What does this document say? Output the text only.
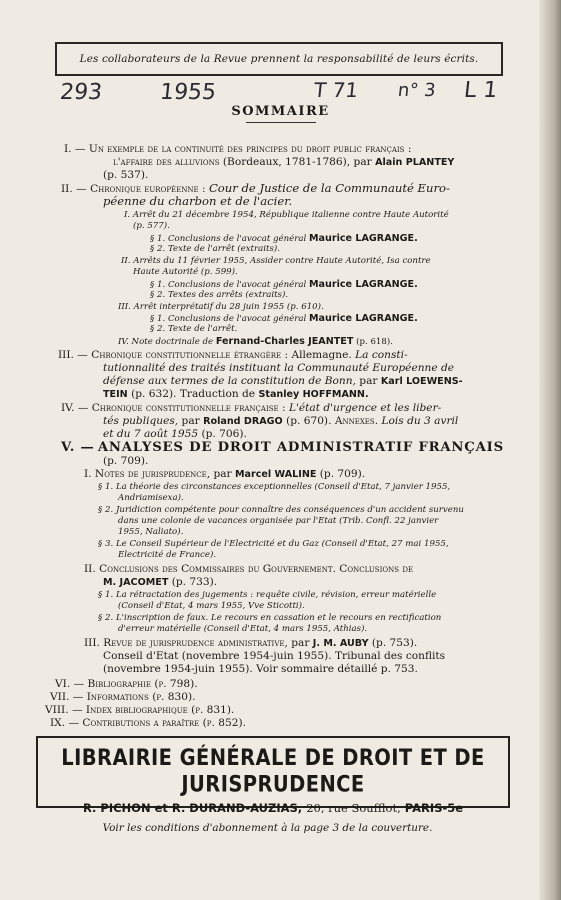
Les collaborateurs de la Revue prennent la responsabilité de leurs écrits.
293	1955	T 71 n° 3 L 1
SOMMAIRE
I. — Un exemple de la continuité des principes du droit public français :
l'affaire des alluvions (Bordeaux, 1781-1786), par Alain PLANTEY
(p. 537).
II. — Chronique européenne : Cour de Justice de la Communauté Euro-
péenne du charbon et de l'acier.
I. Arrêt du 21 décembre 1954, République italienne contre Haute Autorité
(p. 577).
§ 1. Conclusions de l'avocat général Maurice LAGRANGE.
§ 2. Texte de l'arrêt (extraits).
II. Arrêts du 11 février 1955, Assider contre Haute Autorité, Isa contre
Haute Autorité (p. 599).
§ 1. Conclusions de l'avocat général Maurice LAGRANGE.
§ 2. Textes des arrêts (extraits).
III. Arrêt interprétatif du 28 juin 1955 (p. 610).
§ 1. Conclusions de l'avocat général Maurice LAGRANGE.
§ 2. Texte de l'arrêt.
IV. Note doctrinale de Fernand-Charles JEANTET (p. 618).
III. — Chronique constitutionnelle étrangère : Allemagne. La consti-
tutionnalité des traités instituant la Communauté Européenne de
défense aux termes de la constitution de Bonn, par Karl LOEWENS-
TEIN (p. 632). Traduction de Stanley HOFFMANN.
IV. — Chronique constitutionnelle française : L'état d'urgence et les liber-
tés publiques, par Roland DRAGO (p. 670). Annexes. Lois du 3 avril
et du 7 août 1955 (p. 706).
V. — ANALYSES DE DROIT ADMINISTRATIF FRANÇAIS
(p. 709).
I. Notes de jurisprudence, par Marcel WALINE (p. 709).
§ 1. La théorie des circonstances exceptionnelles (Conseil d'Etat, 7 janvier 1955,
Andriamisexa).
§ 2. Juridiction compétente pour connaître des conséquences d'un accident survenu
dans une colonie de vacances organisée par l'Etat (Trib. Confl. 22 janvier
1955, Naliato).
§ 3. Le Conseil Supérieur de l'Electricité et du Gaz (Conseil d'Etat, 27 mai 1955,
Electricité de France).
II. Conclusions des Commissaires du Gouvernement. Conclusions de
M. JACOMET (p. 733).
§ 1. La rétractation des jugements : requête civile, révision, erreur matérielle
(Conseil d'Etat, 4 mars 1955, Vve Sticotti).
§ 2. L'inscription de faux. Le recours en cassation et le recours en rectification
d'erreur matérielle (Conseil d'Etat, 4 mars 1955, Athias).
III. Revue de jurisprudence administrative, par J. M. AUBY (p. 753).
Conseil d'Etat (novembre 1954-juin 1955). Tribunal des conflits
(novembre 1954-juin 1955). Voir sommaire détaillé p. 753.
VI. — Bibliographie (p. 798).
VII. — Informations (p. 830).
VIII. — Index bibliographique (p. 831).
IX. — Contributions a paraître (p. 852).
LIBRAIRIE GÉNÉRALE DE DROIT ET DE JURISPRUDENCE
R. PICHON et R. DURAND-AUZIAS, 20, rue Soufflot, PARIS-5e
Voir les conditions d'abonnement à la page 3 de la couverture.
